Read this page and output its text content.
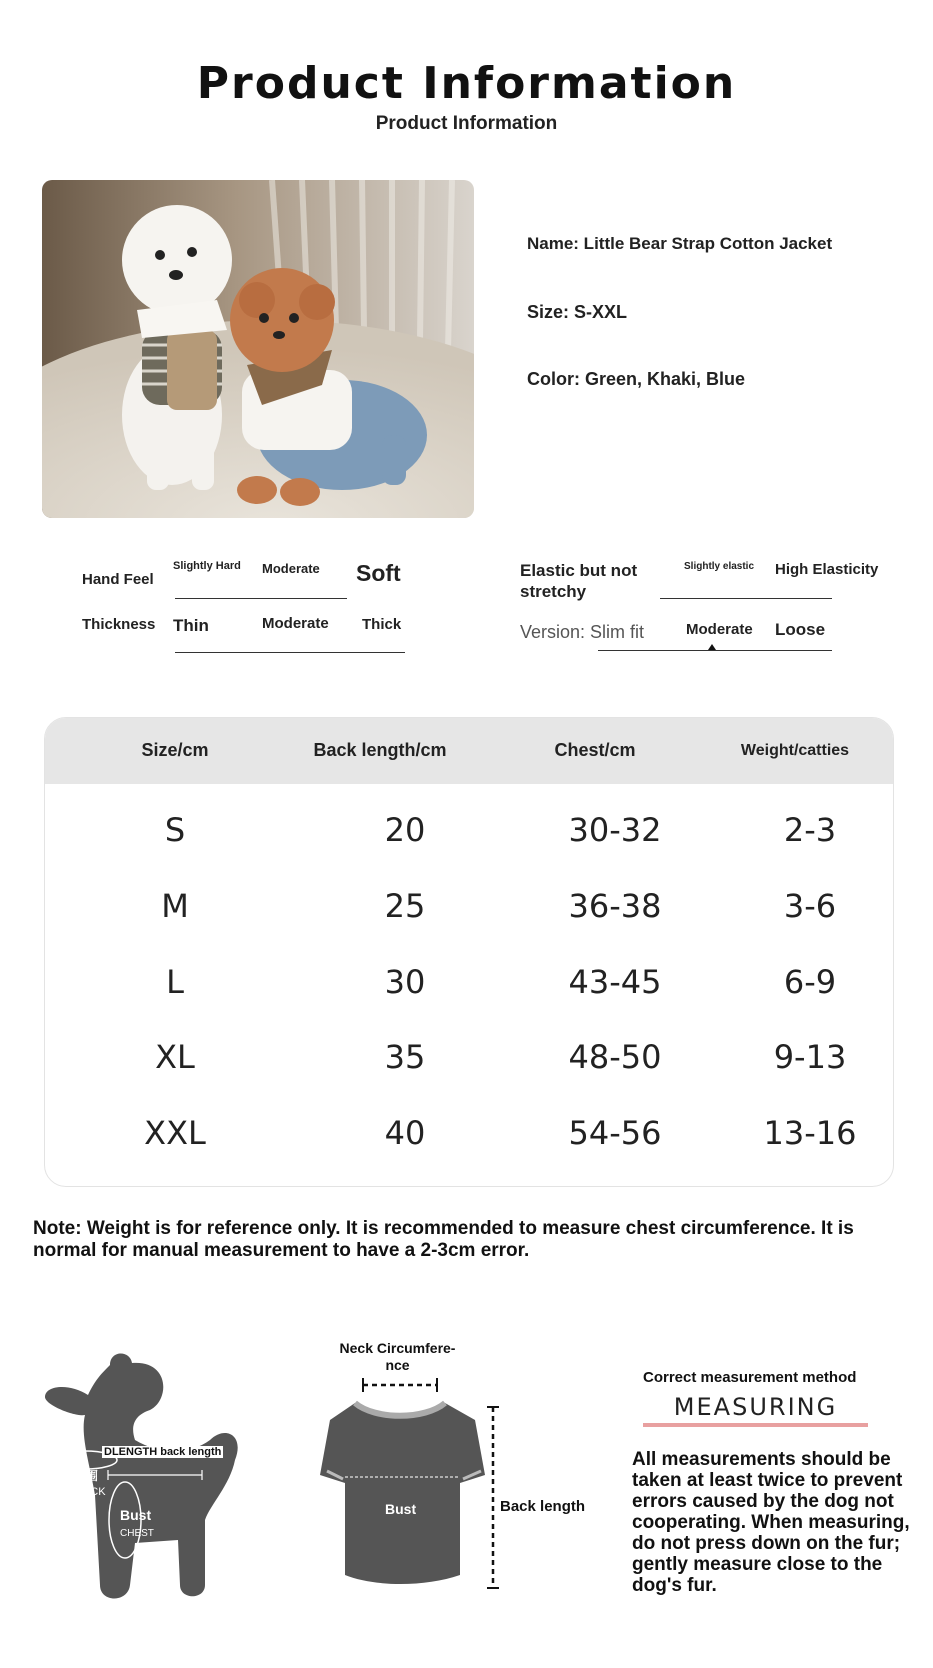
Product Information
Product Information
Name: Little Bear Strap Cotton Jacket
Size: S-XXL
Color: Green, Khaki, Blue
Hand Feel
Slightly Hard Moderate Soft
Thickness Thin	Moderate Thick
Elastic but not stretchy
Slightly elastic High Elasticity
Version: Slim fit	Moderate Loose
Size/cm	Back length/cm	Chest/cm	Weight/catties
S	20	30-32	2-3
M	25	36-38	3-6
L	30	43-45	6-9
XL	35	48-50	9-13
XXL	40	54-56	13-16
Note: Weight is for reference only. It is recommended to measure chest circumference. It is normal for manual measurement to have a 2-3cm error.
DLENGTH back length
脖围
NECK
Bust
CHEST
Neck Circumfere-
nce
Bust	Back length
Correct measurement method
MEASURING
All measurements should be taken at least twice to prevent errors caused by the dog not cooperating. When measuring, do not press down on the fur; gently measure close to the dog's fur.
